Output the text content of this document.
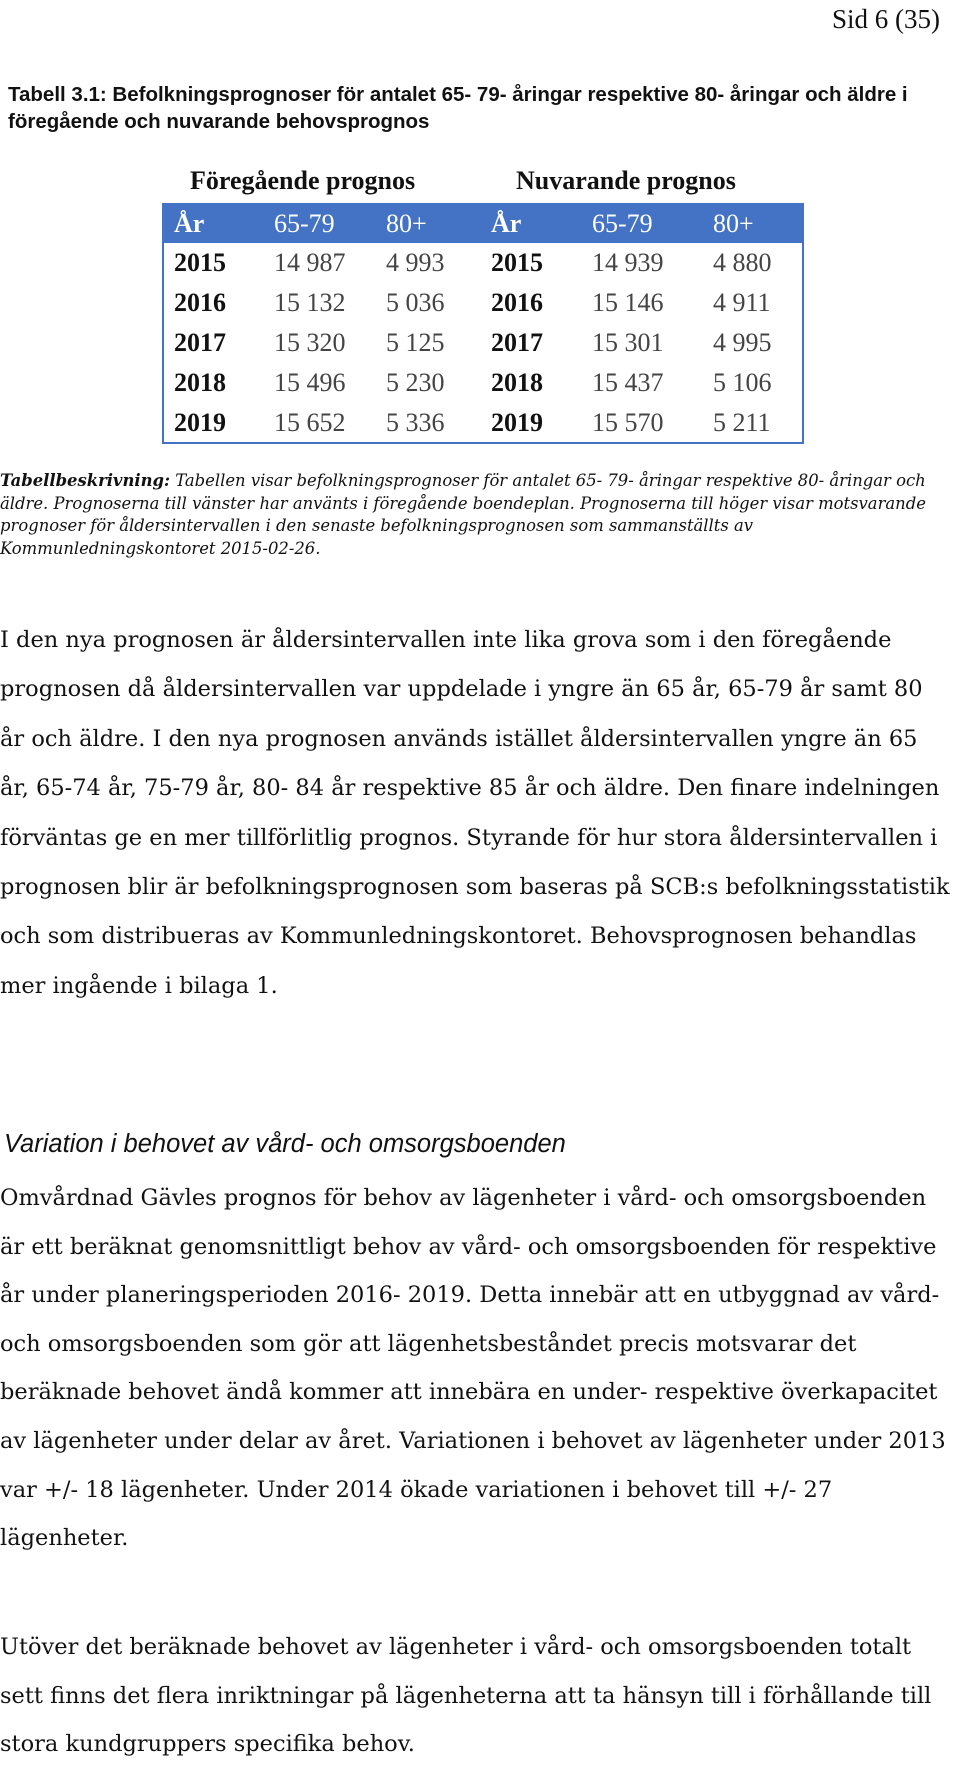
Sid 6 (35)

Tabell 3.1: Befolkningsprognoser för antalet 65- 79- åringar respektive 80- åringar och äldre i föregående och nuvarande behovsprognos

Föregående prognos	Nuvarande prognos
År	65-79	80+	År	65-79	80+
2015	14 987	4 993	2015	14 939	4 880
2016	15 132	5 036	2016	15 146	4 911
2017	15 320	5 125	2017	15 301	4 995
2018	15 496	5 230	2018	15 437	5 106
2019	15 652	5 336	2019	15 570	5 211

Tabellbeskrivning: Tabellen visar befolkningsprognoser för antalet 65- 79- åringar respektive 80- åringar och äldre. Prognoserna till vänster har använts i föregående boendeplan. Prognoserna till höger visar motsvarande prognoser för åldersintervallen i den senaste befolkningsprognosen som sammanställts av Kommunledningskontoret 2015-02-26.

I den nya prognosen är åldersintervallen inte lika grova som i den föregående prognosen då åldersintervallen var uppdelade i yngre än 65 år, 65-79 år samt 80 år och äldre. I den nya prognosen används istället åldersintervallen yngre än 65 år, 65-74 år, 75-79 år, 80- 84 år respektive 85 år och äldre. Den finare indelningen förväntas ge en mer tillförlitlig prognos. Styrande för hur stora åldersintervallen i prognosen blir är befolkningsprognosen som baseras på SCB:s befolkningsstatistik och som distribueras av Kommunledningskontoret. Behovsprognosen behandlas mer ingående i bilaga 1.

Variation i behovet av vård- och omsorgsboenden

Omvårdnad Gävles prognos för behov av lägenheter i vård- och omsorgsboenden är ett beräknat genomsnittligt behov av vård- och omsorgsboenden för respektive år under planeringsperioden 2016- 2019. Detta innebär att en utbyggnad av vård- och omsorgsboenden som gör att lägenhetsbeståndet precis motsvarar det beräknade behovet ändå kommer att innebära en under- respektive överkapacitet av lägenheter under delar av året. Variationen i behovet av lägenheter under 2013 var +/- 18 lägenheter. Under 2014 ökade variationen i behovet till +/- 27 lägenheter.

Utöver det beräknade behovet av lägenheter i vård- och omsorgsboenden totalt sett finns det flera inriktningar på lägenheterna att ta hänsyn till i förhållande till stora kundgruppers specifika behov.
